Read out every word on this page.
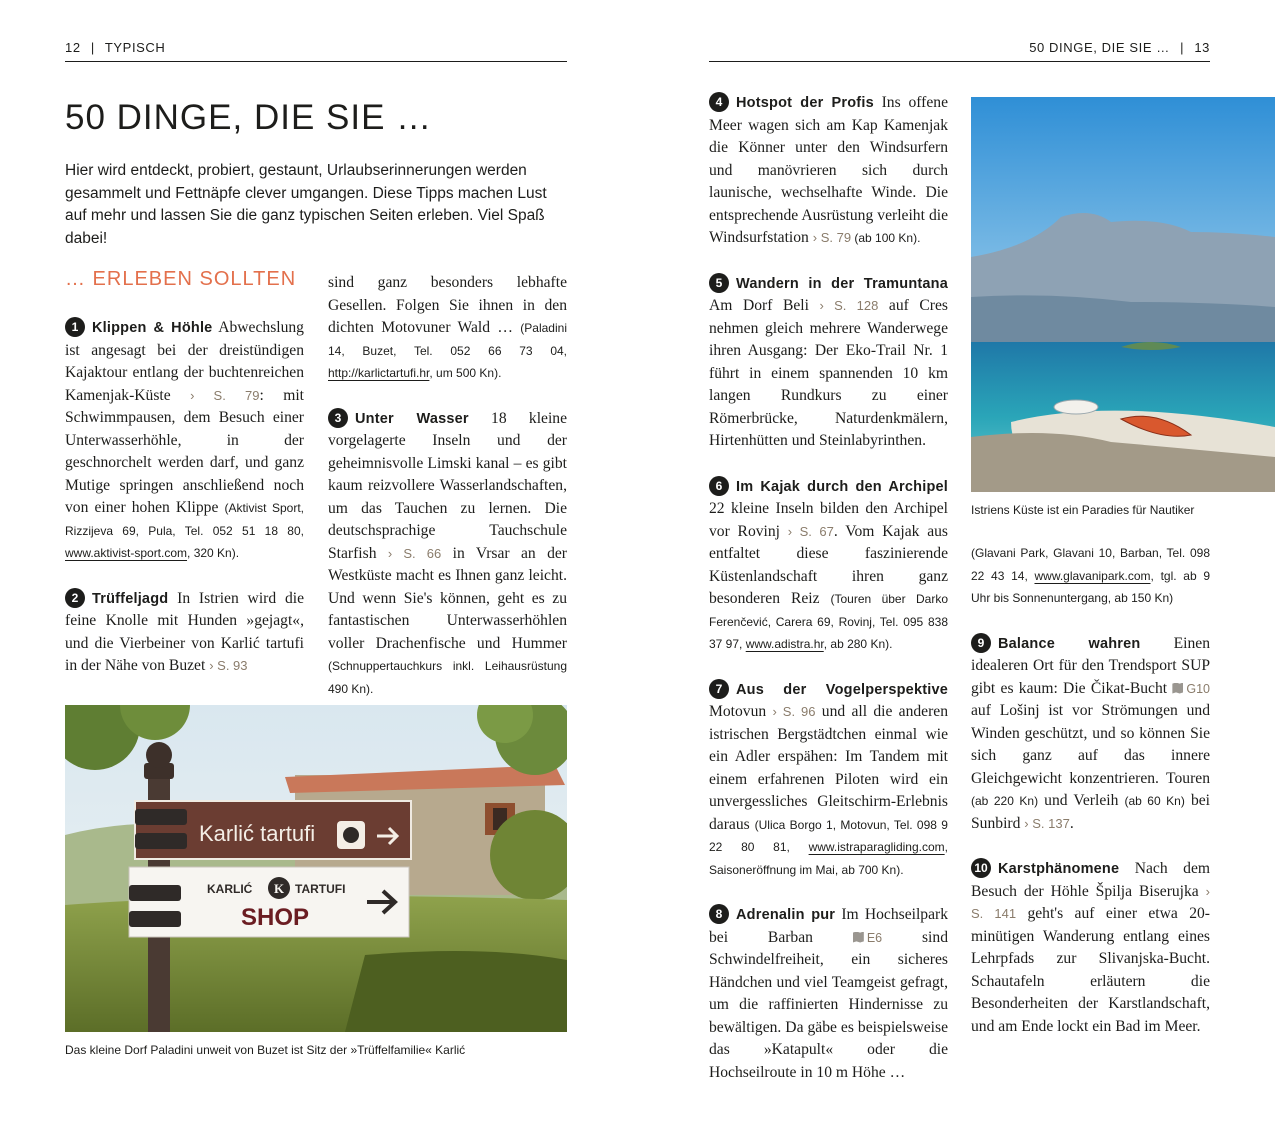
12 | TYPISCH	50 DINGE, DIE SIE … | 13
50 DINGE, DIE SIE …
Hier wird entdeckt, probiert, gestaunt, Urlaubserinnerungen werden gesammelt und Fettnäpfe clever umgangen. Diese Tipps machen Lust auf mehr und lassen Sie die ganz typischen Seiten erleben. Viel Spaß dabei!
… ERLEBEN SOLLTEN

1 Klippen & Höhle Abwechslung ist angesagt bei der dreistündigen Kajaktour entlang der buchtenreichen Kamenjak-Küste › S. 79: mit Schwimmpausen, dem Besuch einer Unterwasserhöhle, in der geschnorchelt werden darf, und ganz Mutige springen anschließend noch von einer hohen Klippe (Aktivist Sport, Rizzijeva 69, Pula, Tel. 052 51 18 80, www.aktivist-sport.com, 320 Kn).

2 Trüffeljagd In Istrien wird die feine Knolle mit Hunden »gejagt«, und die Vierbeiner von Karlić tartufi in der Nähe von Buzet › S. 93

sind ganz besonders lebhafte Gesellen. Folgen Sie ihnen in den dichten Motovuner Wald … (Paladini 14, Buzet, Tel. 052 66 73 04, http://karlictartufi.hr, um 500 Kn).

3 Unter Wasser 18 kleine vorgelagerte Inseln und der geheimnisvolle Limski kanal – es gibt kaum reizvollere Wasserlandschaften, um das Tauchen zu lernen. Die deutschsprachige Tauchschule Starfish › S. 66 in Vrsar an der Westküste macht es Ihnen ganz leicht. Und wenn Sie's können, geht es zu fantastischen Unterwasserhöhlen voller Drachenfische und Hummer (Schnuppertauchkurs inkl. Leihausrüstung 490 Kn).

Karlić tartufi
KARLIĆ K TARTUFI
SHOP
Das kleine Dorf Paladini unweit von Buzet ist Sitz der »Trüffelfamilie« Karlić

4 Hotspot der Profis Ins offene Meer wagen sich am Kap Kamenjak die Könner unter den Windsurfern und manövrieren sich durch launische, wechselhafte Winde. Die entsprechende Ausrüstung verleiht die Windsurfstation › S. 79 (ab 100 Kn).

5 Wandern in der Tramuntana Am Dorf Beli › S. 128 auf Cres nehmen gleich mehrere Wanderwege ihren Ausgang: Der Eko-Trail Nr. 1 führt in einem spannenden 10 km langen Rundkurs zu einer Römerbrücke, Naturdenkmälern, Hirtenhütten und Steinlabyrinthen.

6 Im Kajak durch den Archipel 22 kleine Inseln bilden den Archipel vor Rovinj › S. 67. Vom Kajak aus entfaltet diese faszinierende Küstenlandschaft ihren ganz besonderen Reiz (Touren über Darko Ferenčević, Carera 69, Rovinj, Tel. 095 838 37 97, www.adistra.hr, ab 280 Kn).

7 Aus der Vogelperspektive Motovun › S. 96 und all die anderen istrischen Bergstädtchen einmal wie ein Adler erspähen: Im Tandem mit einem erfahrenen Piloten wird ein unvergessliches Gleitschirm-Erlebnis daraus (Ulica Borgo 1, Motovun, Tel. 098 9 22 80 81, www.istraparagliding.com, Saisoneröffnung im Mai, ab 700 Kn).

8 Adrenalin pur Im Hochseilpark bei Barban E6 sind Schwindelfreiheit, ein sicheres Händchen und viel Teamgeist gefragt, um die raffinierten Hindernisse zu bewältigen. Da gäbe es beispielsweise das »Katapult« oder die Hochseilroute in 10 m Höhe …

Istriens Küste ist ein Paradies für Nautiker

(Glavani Park, Glavani 10, Barban, Tel. 098 22 43 14, www.glavanipark.com, tgl. ab 9 Uhr bis Sonnenuntergang, ab 150 Kn)

9 Balance wahren Einen idealeren Ort für den Trendsport SUP gibt es kaum: Die Čikat-Bucht G10 auf Lošinj ist vor Strömungen und Winden geschützt, und so können Sie sich ganz auf das innere Gleichgewicht konzentrieren. Touren (ab 220 Kn) und Verleih (ab 60 Kn) bei Sunbird › S. 137.

10 Karstphänomene Nach dem Besuch der Höhle Špilja Biserujka › S. 141 geht's auf einer etwa 20-minütigen Wanderung entlang eines Lehrpfads zur Slivanjska-Bucht. Schautafeln erläutern die Besonderheiten der Karstlandschaft, und am Ende lockt ein Bad im Meer.
